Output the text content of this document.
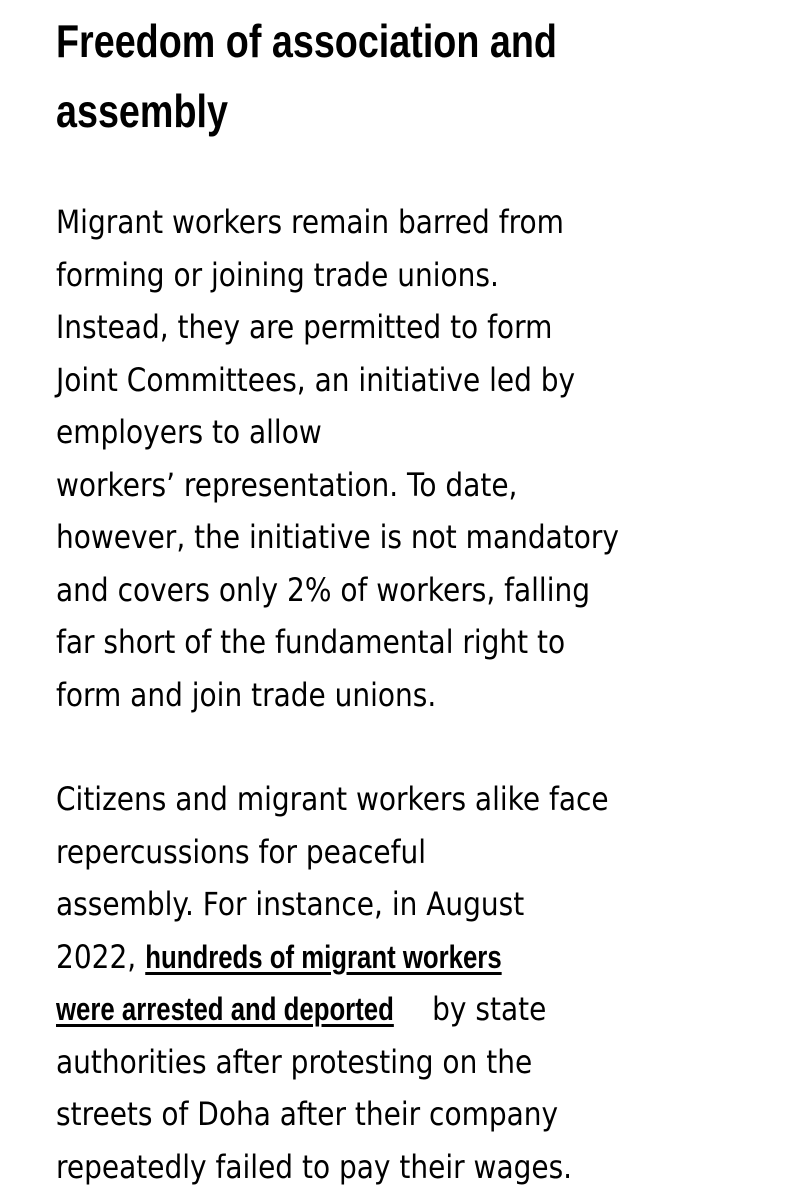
Freedom of association and
assembly

Migrant workers remain barred from
forming or joining trade unions.
Instead, they are permitted to form
Joint Committees, an initiative led by
employers to allow
workers’ representation. To date,
however, the initiative is not mandatory
and covers only 2% of workers, falling
far short of the fundamental right to
form and join trade unions.

Citizens and migrant workers alike face
repercussions for peaceful
assembly. For instance, in August
2022, hundreds of migrant workers
were arrested and deported by state
authorities after protesting on the
streets of Doha after their company
repeatedly failed to pay their wages.
